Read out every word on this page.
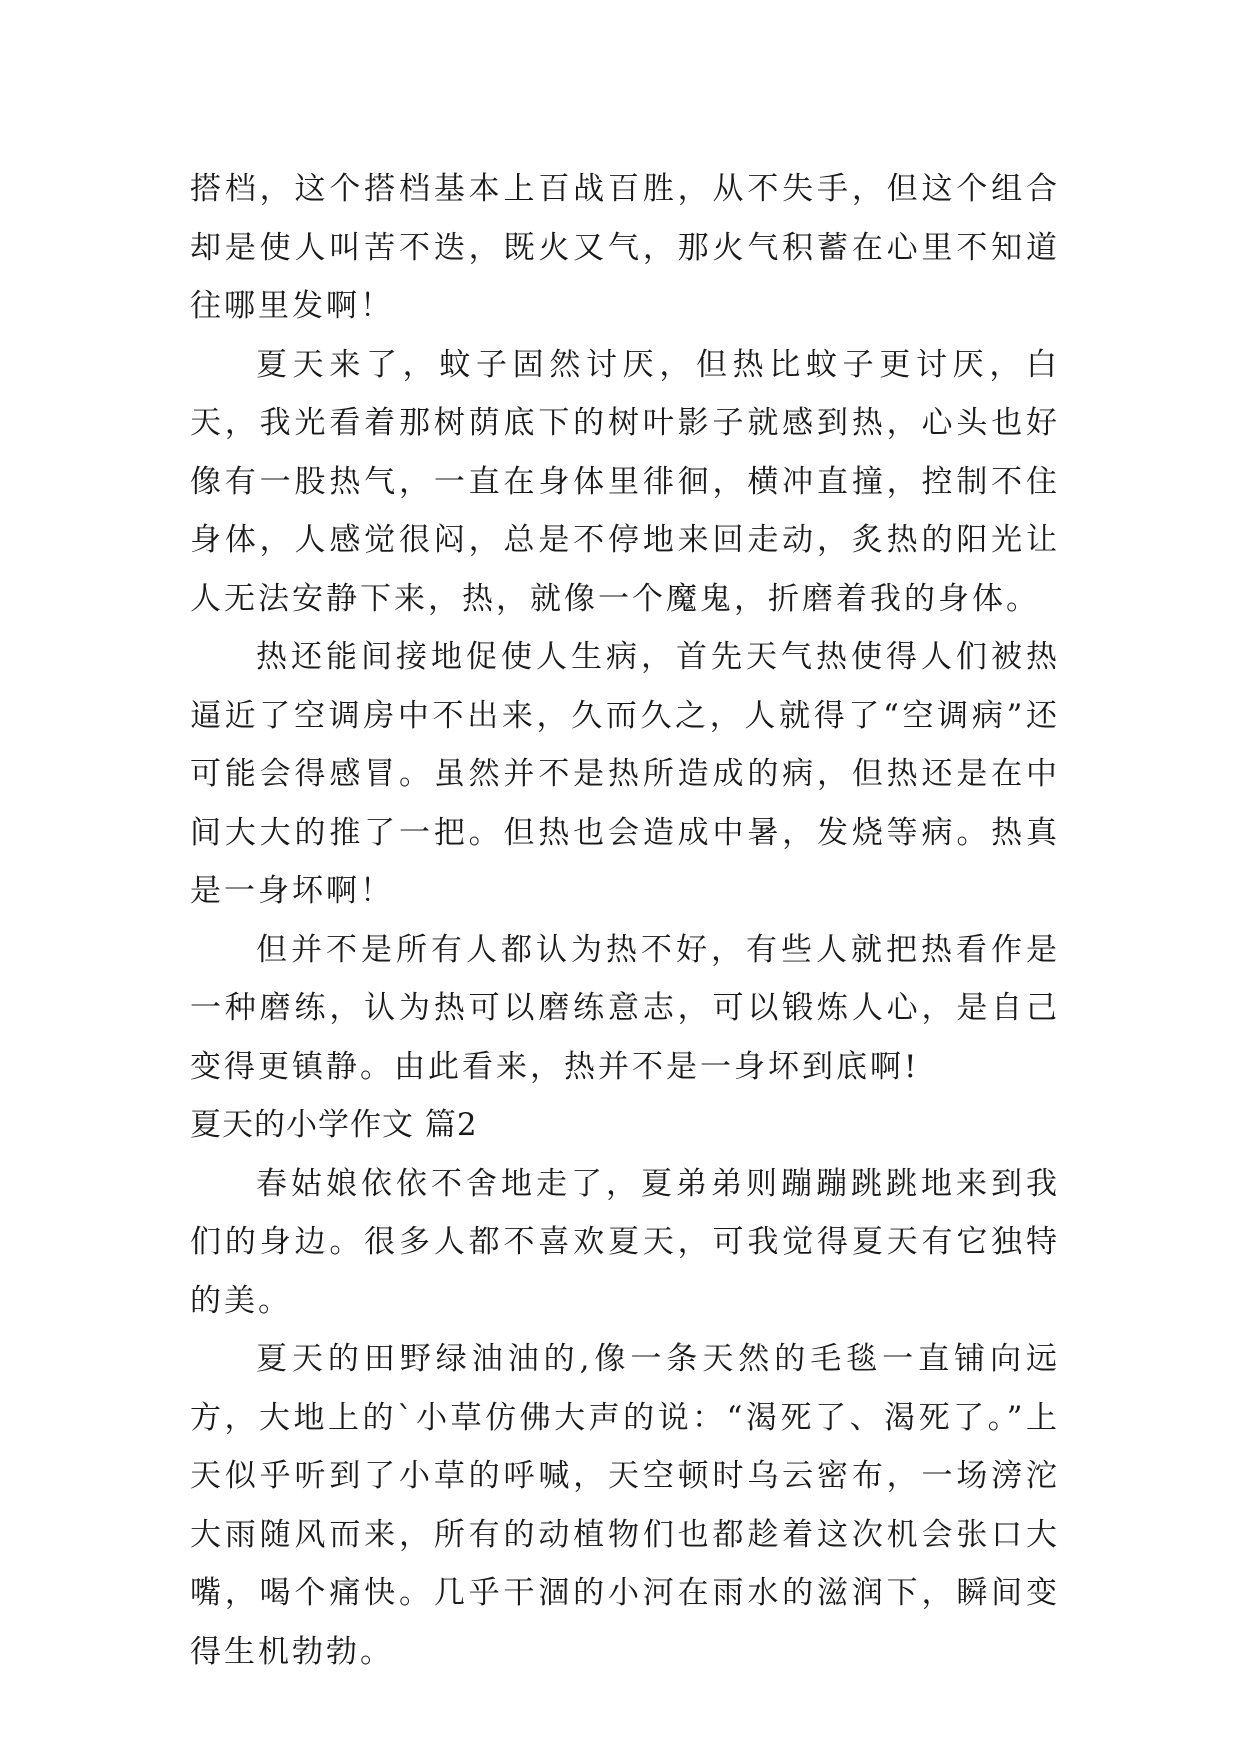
搭档，这个搭档基本上百战百胜，从不失手，但这个组合却是使人叫苦不迭，既火又气，那火气积蓄在心里不知道往哪里发啊！

夏天来了，蚊子固然讨厌，但热比蚊子更讨厌，白天，我光看着那树荫底下的树叶影子就感到热，心头也好像有一股热气，一直在身体里徘徊，横冲直撞，控制不住身体，人感觉很闷，总是不停地来回走动，炙热的阳光让人无法安静下来，热，就像一个魔鬼，折磨着我的身体。

热还能间接地促使人生病，首先天气热使得人们被热逼近了空调房中不出来，久而久之，人就得了“空调病”还可能会得感冒。虽然并不是热所造成的病，但热还是在中间大大的推了一把。但热也会造成中暑，发烧等病。热真是一身坏啊！

但并不是所有人都认为热不好，有些人就把热看作是一种磨练，认为热可以磨练意志，可以锻炼人心，是自己变得更镇静。由此看来，热并不是一身坏到底啊!

夏天的小学作文 篇2

春姑娘依依不舍地走了，夏弟弟则蹦蹦跳跳地来到我们的身边。很多人都不喜欢夏天，可我觉得夏天有它独特的美。

夏天的田野绿油油的,像一条天然的毛毯一直铺向远方，大地上的`小草仿佛大声的说：“渴死了、渴死了。”上天似乎听到了小草的呼喊，天空顿时乌云密布，一场滂沱大雨随风而来，所有的动植物们也都趁着这次机会张口大嘴，喝个痛快。几乎干涸的小河在雨水的滋润下，瞬间变得生机勃勃。
